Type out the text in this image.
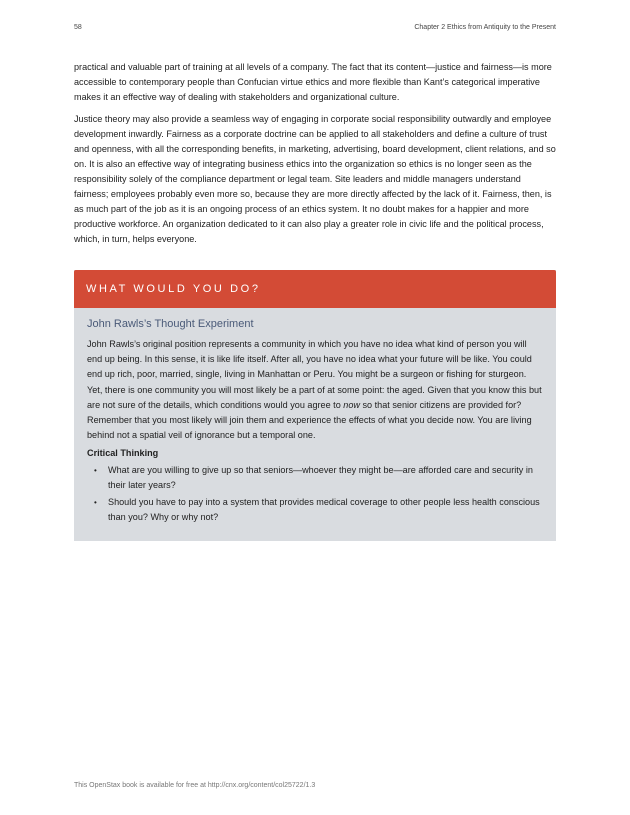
58	Chapter 2 Ethics from Antiquity to the Present

practical and valuable part of training at all levels of a company. The fact that its content—justice and fairness—is more accessible to contemporary people than Confucian virtue ethics and more flexible than Kant’s categorical imperative makes it an effective way of dealing with stakeholders and organizational culture.

Justice theory may also provide a seamless way of engaging in corporate social responsibility outwardly and employee development inwardly. Fairness as a corporate doctrine can be applied to all stakeholders and define a culture of trust and openness, with all the corresponding benefits, in marketing, advertising, board development, client relations, and so on. It is also an effective way of integrating business ethics into the organization so ethics is no longer seen as the responsibility solely of the compliance department or legal team. Site leaders and middle managers understand fairness; employees probably even more so, because they are more directly affected by the lack of it. Fairness, then, is as much part of the job as it is an ongoing process of an ethics system. It no doubt makes for a happier and more productive workforce. An organization dedicated to it can also play a greater role in civic life and the political process, which, in turn, helps everyone.

WHAT WOULD YOU DO?
John Rawls’s Thought Experiment

John Rawls’s original position represents a community in which you have no idea what kind of person you will end up being. In this sense, it is like life itself. After all, you have no idea what your future will be like. You could end up rich, poor, married, single, living in Manhattan or Peru. You might be a surgeon or fishing for sturgeon. Yet, there is one community you will most likely be a part of at some point: the aged. Given that you know this but are not sure of the details, which conditions would you agree to now so that senior citizens are provided for? Remember that you most likely will join them and experience the effects of what you decide now. You are living behind not a spatial veil of ignorance but a temporal one.

Critical Thinking
• What are you willing to give up so that seniors—whoever they might be—are afforded care and security in their later years?
• Should you have to pay into a system that provides medical coverage to other people less health conscious than you? Why or why not?
This OpenStax book is available for free at http://cnx.org/content/col25722/1.3
